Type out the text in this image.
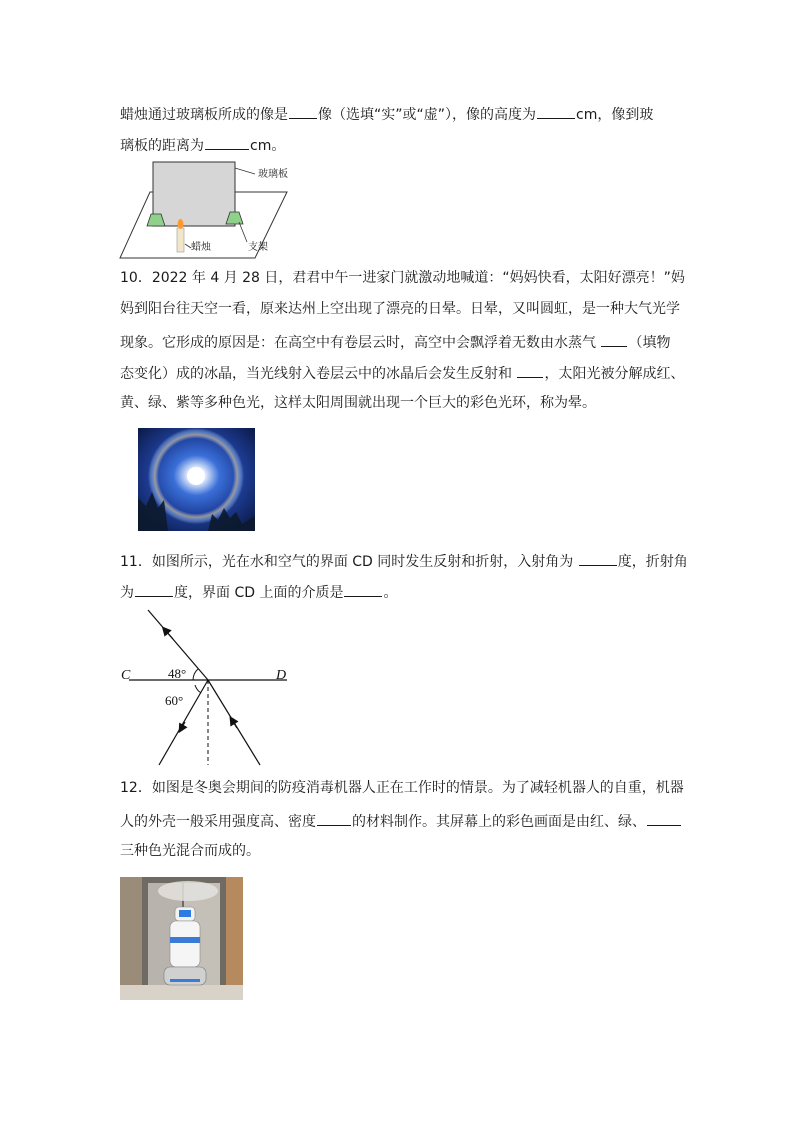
蜡烛通过玻璃板所成的像是 像（选填“实”或“虚”），像的高度为	cm，像到玻
璃板的距离为	cm。
玻璃板
蜡烛	支架
10．2022 年 4 月 28 日，君君中午一进家门就激动地喊道：“妈妈快看，太阳好漂亮！”妈
妈到阳台往天空一看，原来达州上空出现了漂亮的日晕。日晕，又叫圆虹，是一种大气光学
现象。它形成的原因是：在高空中有卷层云时，高空中会飘浮着无数由水蒸气 （填物
态变化）成的冰晶，当光线射入卷层云中的冰晶后会发生反射和 ，太阳光被分解成红、
黄、绿、紫等多种色光，这样太阳周围就出现一个巨大的彩色光环，称为晕。
11．如图所示，光在水和空气的界面 CD 同时发生反射和折射，入射角为	度，折射角
为	度，界面 CD 上面的介质是	。
C	D
48°
60°
12．如图是冬奥会期间的防疫消毒机器人正在工作时的情景。为了减轻机器人的自重，机器
人的外壳一般采用强度高、密度	的材料制作。其屏幕上的彩色画面是由红、绿、
三种色光混合而成的。
